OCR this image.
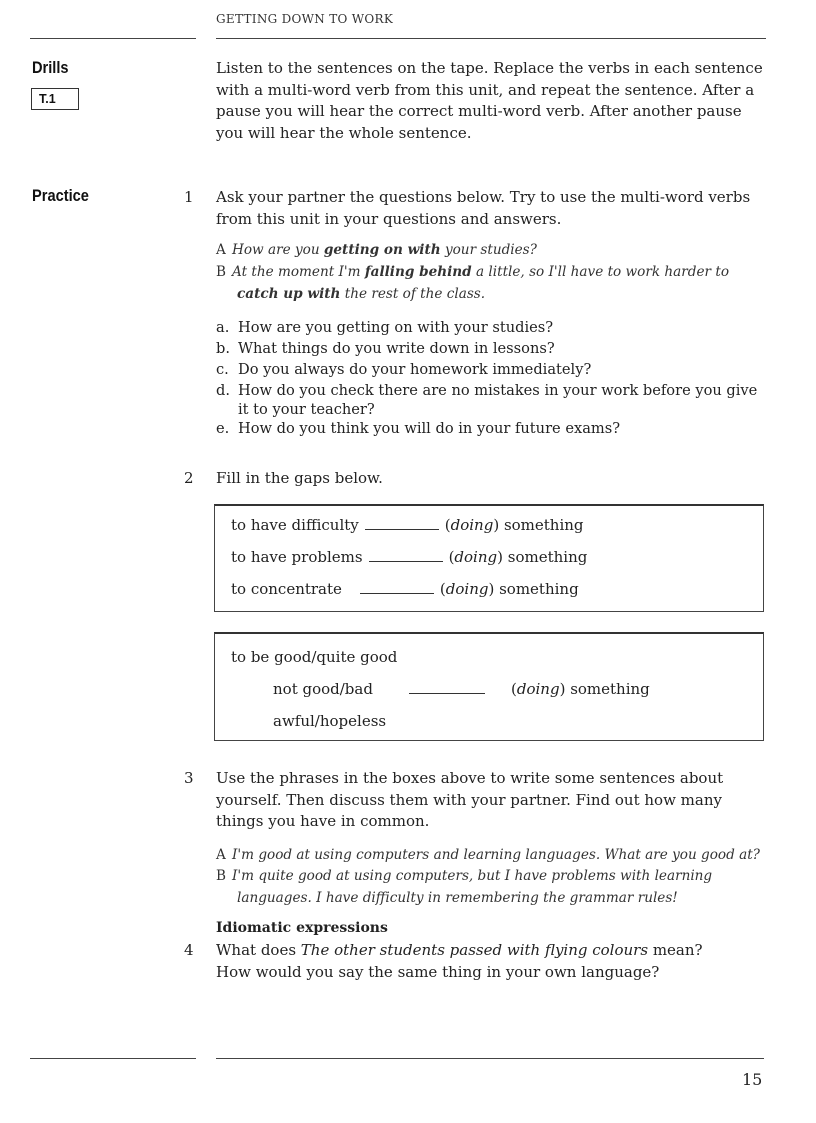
GETTING DOWN TO WORK
Drills
T.1
Listen to the sentences on the tape. Replace the verbs in each sentence with a multi-word verb from this unit, and repeat the sentence. After a pause you will hear the correct multi-word verb. After another pause you will hear the whole sentence.
Practice	1 Ask your partner the questions below. Try to use the multi-word verbs from this unit in your questions and answers.
A How are you getting on with your studies?
B At the moment I'm falling behind a little, so I'll have to work harder to
catch up with the rest of the class.
a. How are you getting on with your studies?
b. What things do you write down in lessons?
c. Do you always do your homework immediately?
d. How do you check there are no mistakes in your work before you give
it to your teacher?
e. How do you think you will do in your future exams?
2 Fill in the gaps below.
to have difficulty	(doing) something
to have problems	(doing) something
to concentrate	(doing) something
to be good/quite good
not good/bad	(doing) something
awful/hopeless
3 Use the phrases in the boxes above to write some sentences about yourself. Then discuss them with your partner. Find out how many things you have in common.
A I'm good at using computers and learning languages. What are you good at?
B I'm quite good at using computers, but I have problems with learning
languages. I have difficulty in remembering the grammar rules!
Idiomatic expressions
4 What does The other students passed with flying colours mean?
How would you say the same thing in your own language?
15
